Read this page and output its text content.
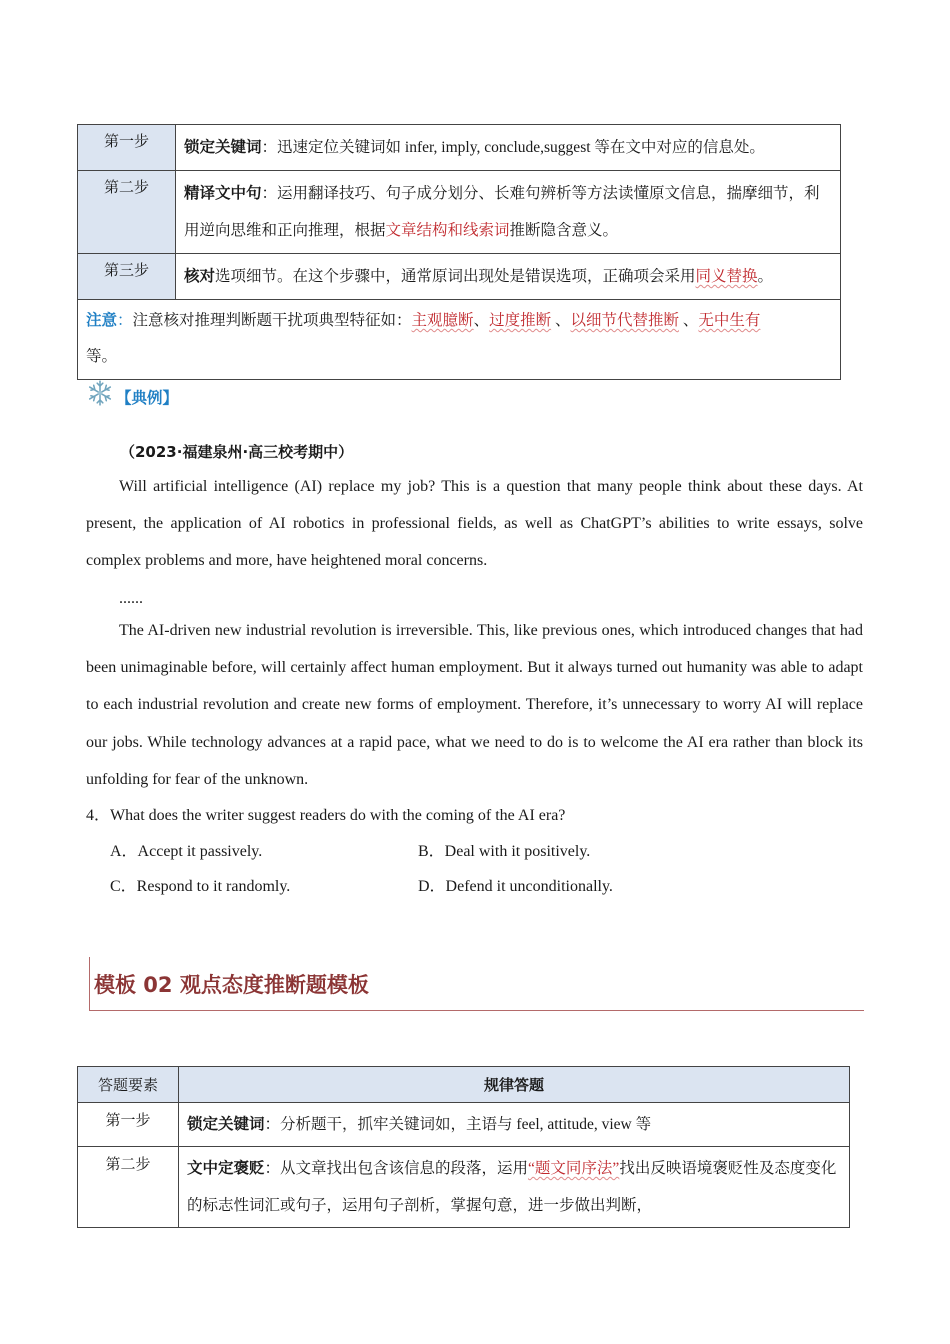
第一步	锁定关键词：迅速定位关键词如 infer, imply, conclude,suggest 等在文中对应的信息处。
第二步	精译文中句：运用翻译技巧、句子成分划分、长难句辨析等方法读懂原文信息，揣摩细节，利用逆向思维和正向推理，根据文章结构和线索词推断隐含意义。
第三步	核对选项细节。在这个步骤中，通常原词出现处是错误选项，正确项会采用同义替换。
注意：注意核对推理判断题干扰项典型特征如：主观臆断、过度推断 、以细节代替推断 、无中生有
等。	
【典例】
（2023·福建泉州·高三校考期中）
Will artificial intelligence (AI) replace my job? This is a question that many people think about these days. At present, the application of AI robotics in professional fields, as well as ChatGPT’s abilities to write essays, solve complex problems and more, have heightened moral concerns.
......
The AI-driven new industrial revolution is irreversible. This, like previous ones, which introduced changes that had been unimaginable before, will certainly affect human employment. But it always turned out humanity was able to adapt to each industrial revolution and create new forms of employment. Therefore, it’s unnecessary to worry AI will replace our jobs. While technology advances at a rapid pace, what we need to do is to welcome the AI era rather than block its unfolding for fear of the unknown.
4．What does the writer suggest readers do with the coming of the AI era?
A．Accept it passively.	B．Deal with it positively.
C．Respond to it randomly.	D．Defend it unconditionally.
模板 02 观点态度推断题模板
答题要素	规律答题
第一步	锁定关键词：分析题干，抓牢关键词如，主语与 feel, attitude, view 等
第二步	文中定褒贬：从文章找出包含该信息的段落，运用“题文同序法”找出反映语境褒贬性及态度变化的标志性词汇或句子，运用句子剖析，掌握句意，进一步做出判断，
